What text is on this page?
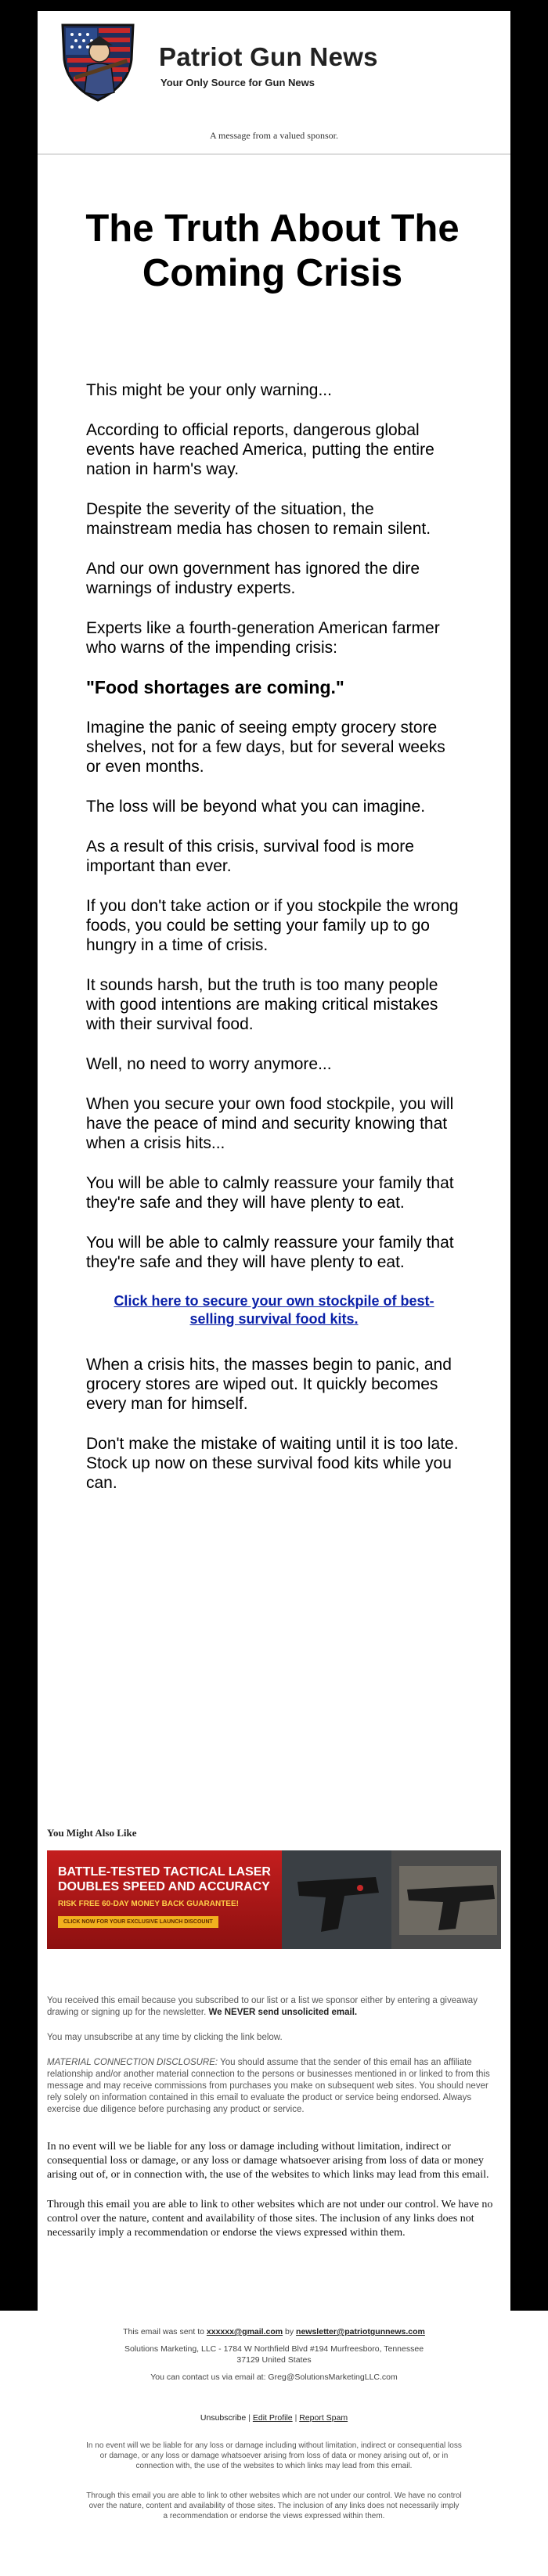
Patriot Gun News
Your Only Source for Gun News
A message from a valued sponsor.
The Truth About The Coming Crisis

This might be your only warning...

According to official reports, dangerous global events have reached America, putting the entire nation in harm's way.

Despite the severity of the situation, the mainstream media has chosen to remain silent.

And our own government has ignored the dire warnings of industry experts.

Experts like a fourth-generation American farmer who warns of the impending crisis:

"Food shortages are coming."

Imagine the panic of seeing empty grocery store shelves, not for a few days, but for several weeks or even months.

The loss will be beyond what you can imagine.

As a result of this crisis, survival food is more important than ever.

If you don't take action or if you stockpile the wrong foods, you could be setting your family up to go hungry in a time of crisis.

It sounds harsh, but the truth is too many people with good intentions are making critical mistakes with their survival food.

Well, no need to worry anymore...

When you secure your own food stockpile, you will have the peace of mind and security knowing that when a crisis hits...

You will be able to calmly reassure your family that they're safe and they will have plenty to eat.

You will be able to calmly reassure your family that they're safe and they will have plenty to eat.

Click here to secure your own stockpile of best-selling survival food kits.

When a crisis hits, the masses begin to panic, and grocery stores are wiped out. It quickly becomes every man for himself.

Don't make the mistake of waiting until it is too late. Stock up now on these survival food kits while you can.

You Might Also Like
BATTLE-TESTED TACTICAL LASER DOUBLES SPEED AND ACCURACY
RISK FREE 60-DAY MONEY BACK GUARANTEE!
CLICK NOW FOR YOUR EXCLUSIVE LAUNCH DISCOUNT

You received this email because you subscribed to our list or a list we sponsor either by entering a giveaway drawing or signing up for the newsletter. We NEVER send unsolicited email.

You may unsubscribe at any time by clicking the link below.

MATERIAL CONNECTION DISCLOSURE: You should assume that the sender of this email has an affiliate relationship and/or another material connection to the persons or businesses mentioned in or linked to from this message and may receive commissions from purchases you make on subsequent web sites. You should never rely solely on information contained in this email to evaluate the product or service being endorsed. Always exercise due diligence before purchasing any product or service.

In no event will we be liable for any loss or damage including without limitation, indirect or consequential loss or damage, or any loss or damage whatsoever arising from loss of data or money arising out of, or in connection with, the use of the websites to which links may lead from this email.

Through this email you are able to link to other websites which are not under our control. We have no control over the nature, content and availability of those sites. The inclusion of any links does not necessarily imply a recommendation or endorse the views expressed within them.

This email was sent to xxxxxx@gmail.com by newsletter@patriotgunnews.com

Solutions Marketing, LLC - 1784 W Northfield Blvd #194 Murfreesboro, Tennessee
37129 United States

You can contact us via email at: Greg@SolutionsMarketingLLC.com

Unsubscribe | Edit Profile | Report Spam

In no event will we be liable for any loss or damage including without limitation, indirect or consequential loss or damage, or any loss or damage whatsoever arising from loss of data or money arising out of, or in connection with, the use of the websites to which links may lead from this email.

Through this email you are able to link to other websites which are not under our control. We have no control over the nature, content and availability of those sites. The inclusion of any links does not necessarily imply a recommendation or endorse the views expressed within them.
